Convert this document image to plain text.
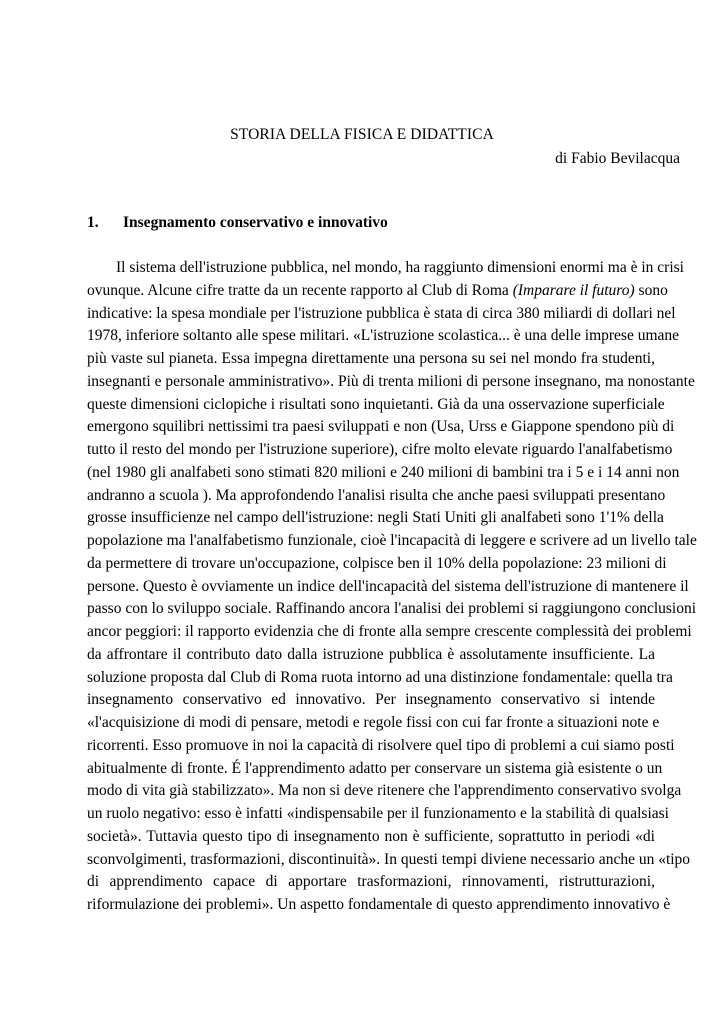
STORIA DELLA FISICA E DIDATTICA
di Fabio Bevilacqua
1. Insegnamento conservativo e innovativo
Il sistema dell'istruzione pubblica, nel mondo, ha raggiunto dimensioni enormi ma è in crisi
ovunque. Alcune cifre tratte da un recente rapporto al Club di Roma (Imparare il futuro) sono
indicative: la spesa mondiale per l'istruzione pubblica è stata di circa 380 miliardi di dollari nel
1978, inferiore soltanto alle spese militari. «L'istruzione scolastica... è una delle imprese umane
più vaste sul pianeta. Essa impegna direttamente una persona su sei nel mondo fra studenti,
insegnanti e personale amministrativo». Più di trenta milioni di persone insegnano, ma nonostante
queste dimensioni ciclopiche i risultati sono inquietanti. Già da una osservazione superficiale
emergono squilibri nettissimi tra paesi sviluppati e non (Usa, Urss e Giappone spendono più di
tutto il resto del mondo per l'istruzione superiore), cifre molto elevate riguardo l'analfabetismo
(nel 1980 gli analfabeti sono stimati 820 milioni e 240 milioni di bambini tra i 5 e i 14 anni non
andranno a scuola ). Ma approfondendo l'analisi risulta che anche paesi sviluppati presentano
grosse insufficienze nel campo dell'istruzione: negli Stati Uniti gli analfabeti sono 1'1% della
popolazione ma l'analfabetismo funzionale, cioè l'incapacità di leggere e scrivere ad un livello tale
da permettere di trovare un'occupazione, colpisce ben il 10% della popolazione: 23 milioni di
persone. Questo è ovviamente un indice dell'incapacità del sistema dell'istruzione di mantenere il
passo con lo sviluppo sociale. Raffinando ancora l'analisi dei problemi si raggiungono conclusioni
ancor peggiori: il rapporto evidenzia che di fronte alla sempre crescente complessità dei problemi
da affrontare il contributo dato dalla istruzione pubblica è assolutamente insufficiente. La
soluzione proposta dal Club di Roma ruota intorno ad una distinzione fondamentale: quella tra
insegnamento conservativo ed innovativo. Per insegnamento conservativo si intende
«l'acquisizione di modi di pensare, metodi e regole fissi con cui far fronte a situazioni note e
ricorrenti. Esso promuove in noi la capacità di risolvere quel tipo di problemi a cui siamo posti
abitualmente di fronte. É l'apprendimento adatto per conservare un sistema già esistente o un
modo di vita già stabilizzato». Ma non si deve ritenere che l'apprendimento conservativo svolga
un ruolo negativo: esso è infatti «indispensabile per il funzionamento e la stabilità di qualsiasi
società». Tuttavia questo tipo di insegnamento non è sufficiente, soprattutto in periodi «di
sconvolgimenti, trasformazioni, discontinuità». In questi tempi diviene necessario anche un «tipo
di apprendimento capace di apportare trasformazioni, rinnovamenti, ristrutturazioni,
riformulazione dei problemi». Un aspetto fondamentale di questo apprendimento innovativo è
